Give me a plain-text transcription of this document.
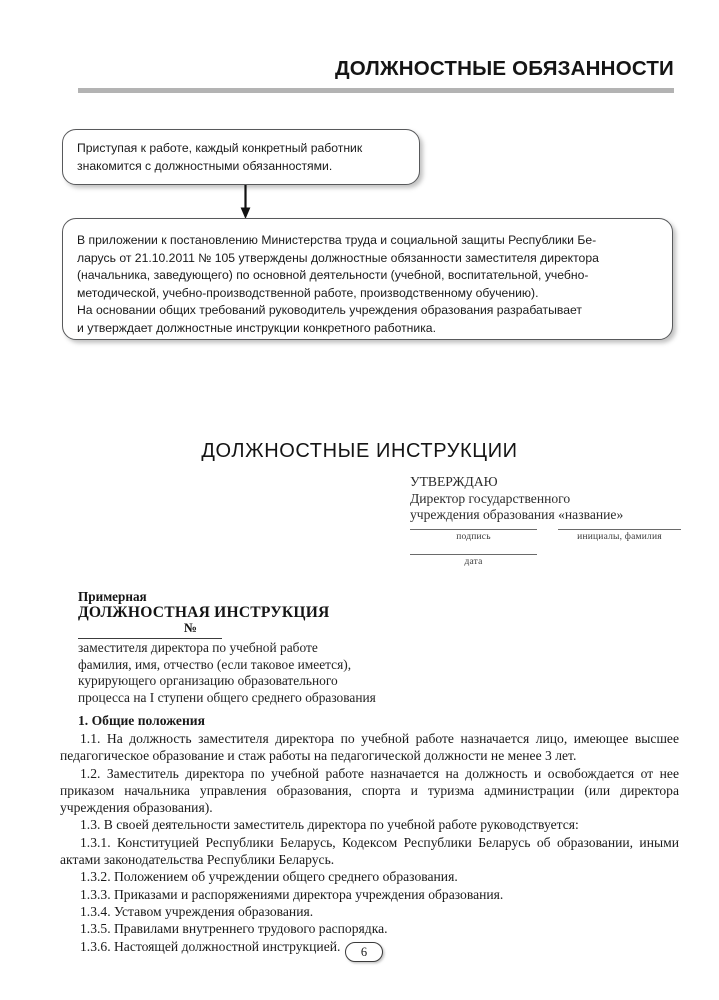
ДОЛЖНОСТНЫЕ ОБЯЗАННОСТИ

Приступая к работе, каждый конкретный работник

знакомится с должностными обязанностями.

В приложении к постановлению Министерства труда и социальной защиты Республики Бе-

ларусь от 21.10.2011 № 105 утверждены должностные обязанности заместителя директора

(начальника, заведующего) по основной деятельности (учебной, воспитательной, учебно-

методической, учебно-производственной работе, производственному обучению).

На основании общих требований руководитель учреждения образования разрабатывает

и утверждает должностные инструкции конкретного работника.

ДОЛЖНОСТНЫЕ ИНСТРУКЦИИ
УТВЕРЖДАЮ
Директор государственного
учреждения образования «название»
подпись	инициалы, фамилия
дата
Примерная
ДОЛЖНОСТНАЯ ИНСТРУКЦИЯ
№
заместителя директора по учебной работе
фамилия, имя, отчество (если таковое имеется),
курирующего организацию образовательного
процесса на I ступени общего среднего образования
1. Общие положения

1.1. На должность заместителя директора по учебной работе назначается лицо, имеющее высшее педагогическое образование и стаж работы на педагогической должности не менее 3 лет.

1.2. Заместитель директора по учебной работе назначается на должность и освобождается от нее приказом начальника управления образования, спорта и туризма администрации (или директора учреждения образования).

1.3. В своей деятельности заместитель директора по учебной работе руководствуется:

1.3.1. Конституцией Республики Беларусь, Кодексом Республики Беларусь об образовании, иными актами законодательства Республики Беларусь.

1.3.2. Положением об учреждении общего среднего образования.

1.3.3. Приказами и распоряжениями директора учреждения образования.

1.3.4. Уставом учреждения образования.

1.3.5. Правилами внутреннего трудового распорядка.

1.3.6. Настоящей должностной инструкцией.	6
